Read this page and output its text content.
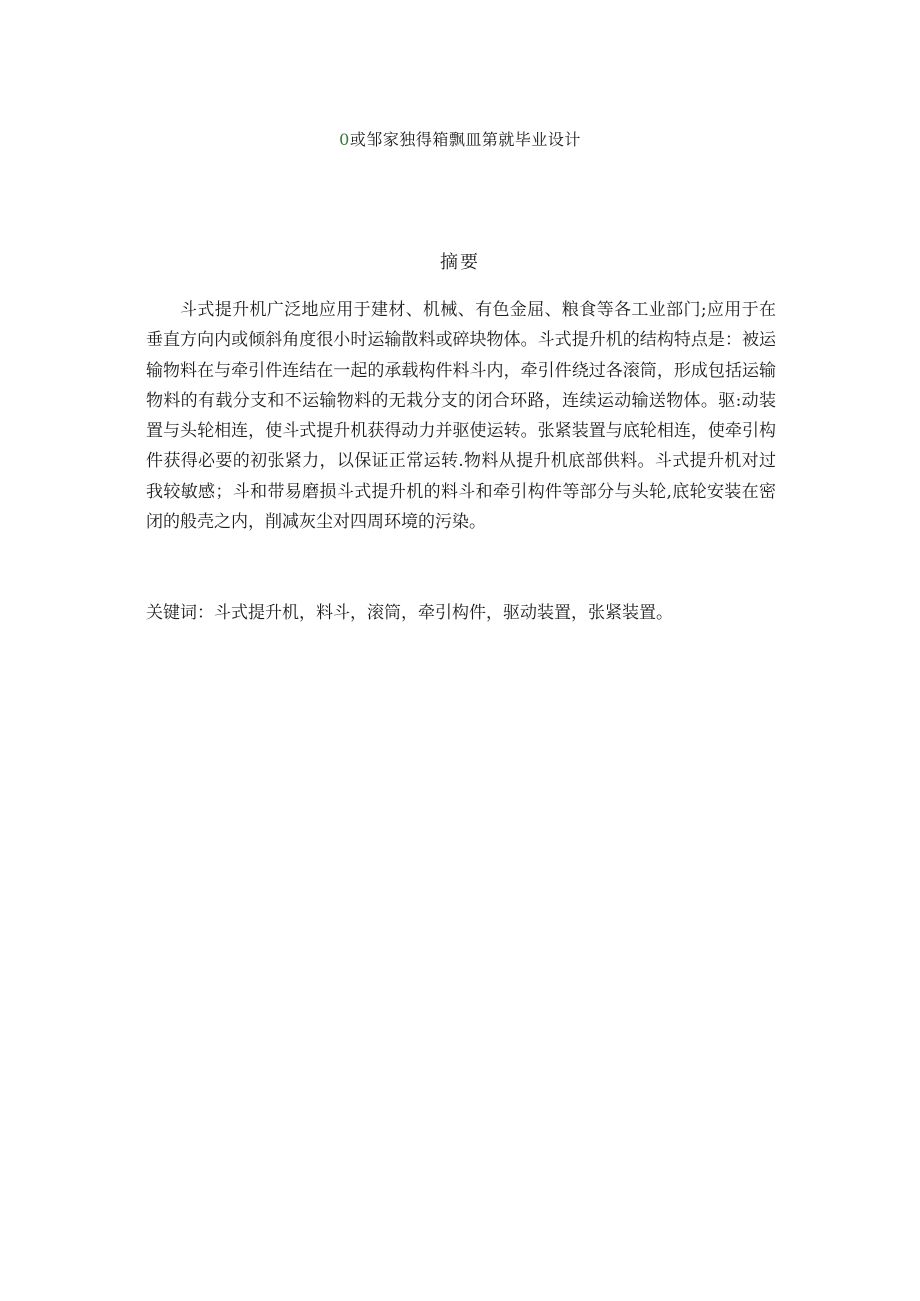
0或邹家独得箱飘皿第就毕业设计
摘要

斗式提升机广泛地应用于建材、机械、有色金屈、粮食等各工业部门;应用于在垂直方向内或倾斜角度很小时运输散料或碎块物体。斗式提升机的结构特点是：被运输物料在与牵引件连结在一起的承载构件料斗内，牵引件绕过各滚筒，形成包括运输物料的有载分支和不运输物料的无栽分支的闭合环路，连续运动输送物体。驱:动装置与头轮相连，使斗式提升机获得动力并驱使运转。张紧装置与底轮相连，使牵引构件获得必要的初张紧力，以保证正常运转.物料从提升机底部供料。斗式提升机对过我较敏感；斗和带易磨损斗式提升机的料斗和牵引构件等部分与头轮,底轮安装在密闭的般壳之内，削减灰尘对四周环境的污染。

关键词：斗式提升机，料斗，滚筒，牵引构件，驱动装置，张紧装置。
